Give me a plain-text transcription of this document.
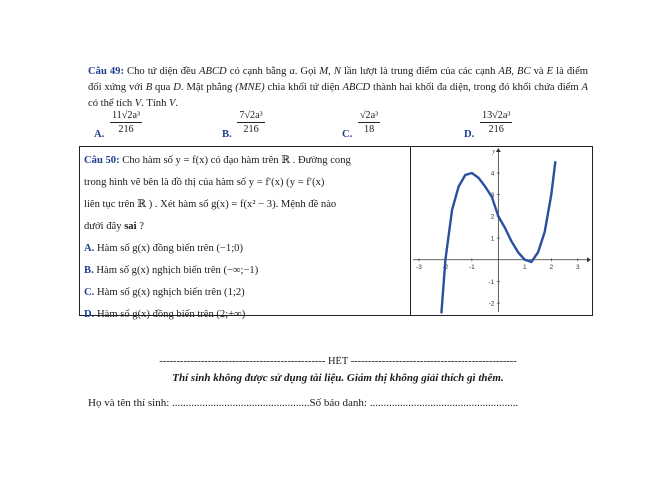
Câu 49: Cho tứ diện đều ABCD có cạnh bằng a. Gọi M, N lần lượt là trung điểm của các cạnh AB, BC và E là điểm đối xứng với B qua D. Mặt phẳng (MNE) chia khối tứ diện ABCD thành hai khối đa diện, trong đó khối chứa điểm A có thể tích V. Tính V.
A. $\frac{\text{11√2a³}}{216}$	B. $\frac{\text{7√2a³}}{216}$	C. $\frac{\text{√2a³}}{18}$	D. $\frac{\text{13√2a³}}{216}$
Câu 50: Cho hàm số y = f(x) có đạo hàm trên ℝ . Đường cong
trong hình vẽ bên là đồ thị của hàm số y = f′(x) (y = f′(x)
liên tục trên ℝ ) . Xét hàm số g(x) = f(x² − 3). Mệnh đề nào
dưới đây sai ?
A. Hàm số g(x) đồng biến trên (−1;0)
B. Hàm số g(x) nghịch biến trên (−∞;−1)
C. Hàm số g(x) nghịch biến trên (1;2)
D. Hàm số g(x) đồng biến trên (2;+∞)
y
-3	-2	-1	1	2	3
-2
-1
1
2
3
4
------------------------------------------------ HẾT ------------------------------------------------
Thí sinh không được sử dụng tài liệu. Giám thị không giải thích gì thêm.
Họ và tên thí sinh: ..................................................Số báo danh: ......................................................
